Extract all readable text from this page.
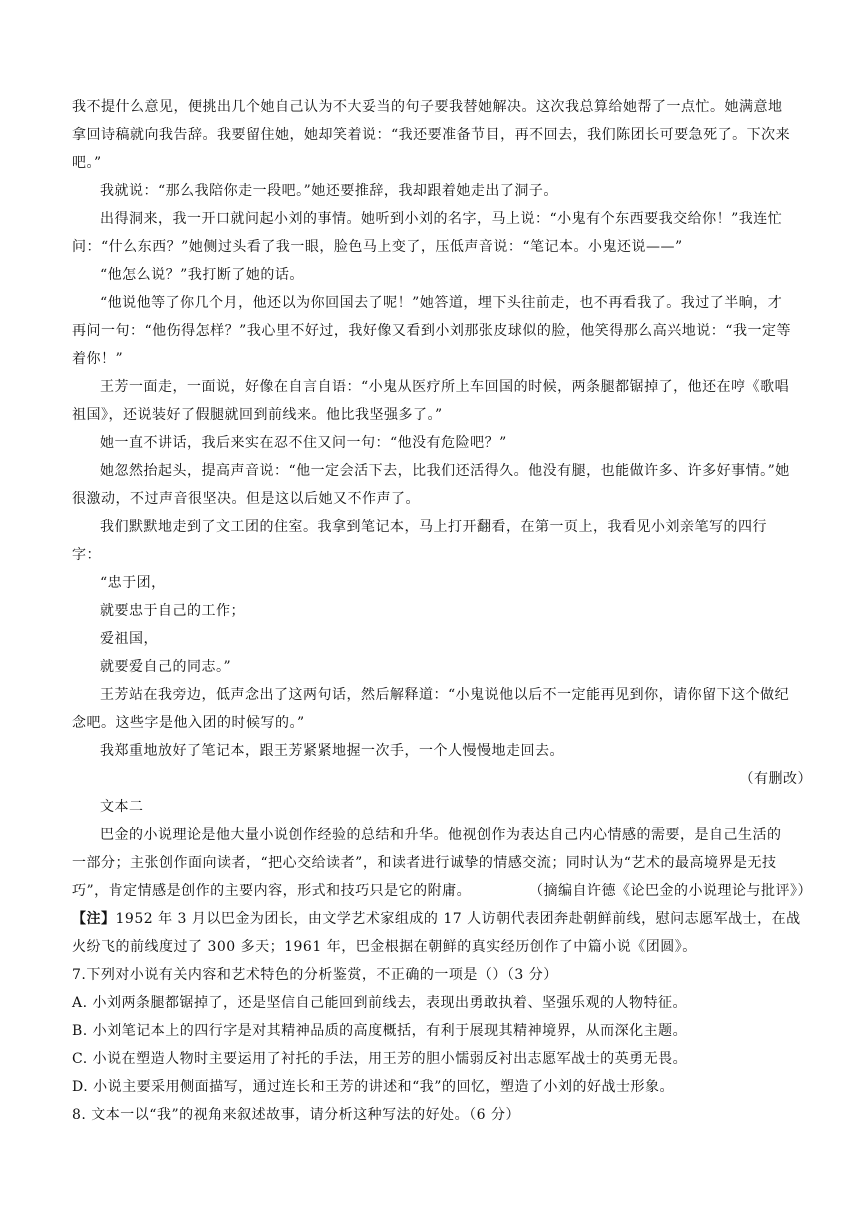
我不提什么意见，便挑出几个她自己认为不大妥当的句子要我替她解决。这次我总算给她帮了一点忙。她满意地拿回诗稿就向我告辞。我要留住她，她却笑着说：“我还要准备节目，再不回去，我们陈团长可要急死了。下次来吧。”

我就说：“那么我陪你走一段吧。”她还要推辞，我却跟着她走出了洞子。

出得洞来，我一开口就问起小刘的事情。她听到小刘的名字，马上说：“小鬼有个东西要我交给你！”我连忙问：“什么东西？”她侧过头看了我一眼，脸色马上变了，压低声音说：“笔记本。小鬼还说——”

“他怎么说？”我打断了她的话。

“他说他等了你几个月，他还以为你回国去了呢！”她答道，埋下头往前走，也不再看我了。我过了半晌，才再问一句：“他伤得怎样？”我心里不好过，我好像又看到小刘那张皮球似的脸，他笑得那么高兴地说：“我一定等着你！”

王芳一面走，一面说，好像在自言自语：“小鬼从医疗所上车回国的时候，两条腿都锯掉了，他还在哼《歌唱祖国》，还说装好了假腿就回到前线来。他比我坚强多了。”

她一直不讲话，我后来实在忍不住又问一句：“他没有危险吧？”

她忽然抬起头，提高声音说：“他一定会活下去，比我们还活得久。他没有腿，也能做许多、许多好事情。”她很激动，不过声音很坚决。但是这以后她又不作声了。

我们默默地走到了文工团的住室。我拿到笔记本，马上打开翻看，在第一页上，我看见小刘亲笔写的四行字：

“忠于团，

就要忠于自己的工作；

爱祖国，

就要爱自己的同志。”

王芳站在我旁边，低声念出了这两句话，然后解释道：“小鬼说他以后不一定能再见到你，请你留下这个做纪念吧。这些字是他入团的时候写的。”

我郑重地放好了笔记本，跟王芳紧紧地握一次手，一个人慢慢地走回去。

（有删改）

文本二

巴金的小说理论是他大量小说创作经验的总结和升华。他视创作为表达自己内心情感的需要，是自己生活的一部分；主张创作面向读者，“把心交给读者”，和读者进行诚挚的情感交流；同时认为“艺术的最高境界是无技巧”，肯定情感是创作的主要内容，形式和技巧只是它的附庸。	（摘编自许德《论巴金的小说理论与批评》）

【注】1952 年 3 月以巴金为团长，由文学艺术家组成的 17 人访朝代表团奔赴朝鲜前线，慰问志愿军战士，在战火纷飞的前线度过了 300 多天；1961 年，巴金根据在朝鲜的真实经历创作了中篇小说《团圆》。

7.下列对小说有关内容和艺术特色的分析鉴赏，不正确的一项是（）（3 分）

A. 小刘两条腿都锯掉了，还是坚信自己能回到前线去，表现出勇敢执着、坚强乐观的人物特征。

B. 小刘笔记本上的四行字是对其精神品质的高度概括，有利于展现其精神境界，从而深化主题。

C. 小说在塑造人物时主要运用了衬托的手法，用王芳的胆小懦弱反衬出志愿军战士的英勇无畏。

D. 小说主要采用侧面描写，通过连长和王芳的讲述和“我”的回忆，塑造了小刘的好战士形象。

8. 文本一以“我”的视角来叙述故事，请分析这种写法的好处。（6 分）
